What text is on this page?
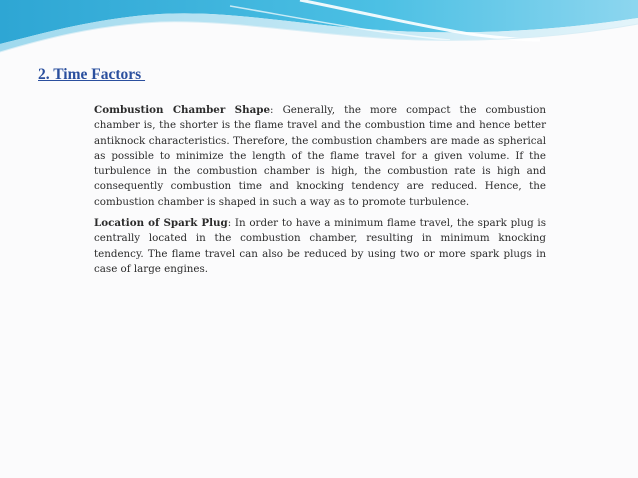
2. Time Factors

Combustion Chamber Shape: Generally, the more compact the combustion chamber is, the shorter is the flame travel and the combustion time and hence better antiknock characteristics. Therefore, the combustion chambers are made as spherical as possible to minimize the length of the flame travel for a given volume. If the turbulence in the combustion chamber is high, the combustion rate is high and consequently combustion time and knocking tendency are reduced. Hence, the combustion chamber is shaped in such a way as to promote turbulence.

Location of Spark Plug: In order to have a minimum flame travel, the spark plug is centrally located in the combustion chamber, resulting in minimum knocking tendency. The flame travel can also be reduced by using two or more spark plugs in case of large engines.
